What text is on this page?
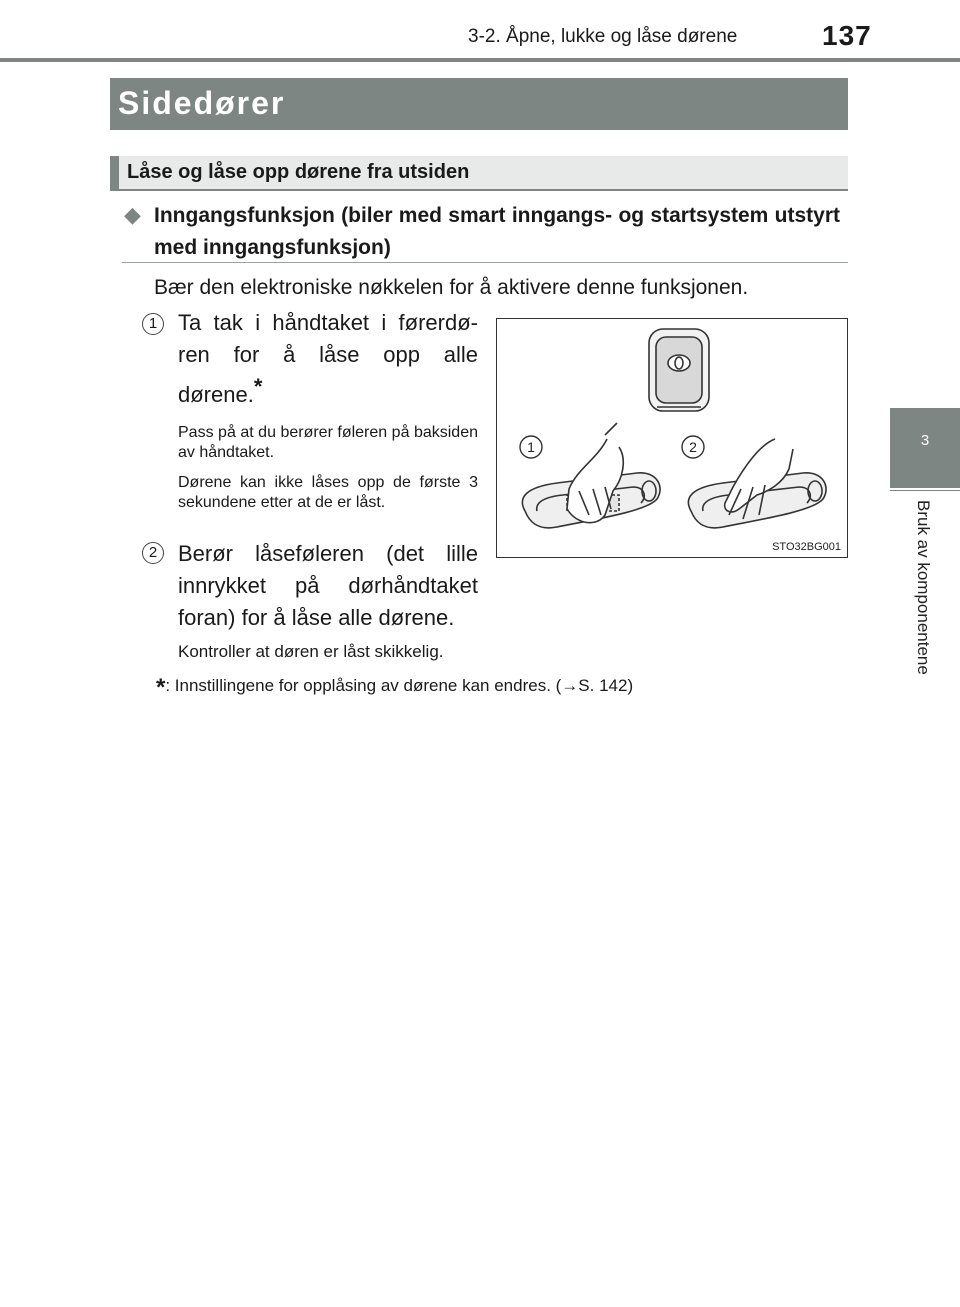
3-2. Åpne, lukke og låse dørene	137
3
Bruk av komponentene
Sidedører
Låse og låse opp dørene fra utsiden
◆ Inngangsfunksjon (biler med smart inngangs- og startsystem utstyrt med inngangsfunksjon)
Bær den elektroniske nøkkelen for å aktivere denne funksjonen.
1 Ta tak i håndtaket i førerdø-
ren for å låse opp alle
dørene.*
Pass på at du berører føleren på baksiden av håndtaket.
Dørene kan ikke låses opp de første 3 sekundene etter at de er låst.
2 Berør låseføleren (det lille
innrykket på dørhåndtaket
foran) for å låse alle dørene.
Kontroller at døren er låst skikkelig.
1	2
STO32BG001
*: Innstillingene for opplåsing av dørene kan endres. (→S. 142)
